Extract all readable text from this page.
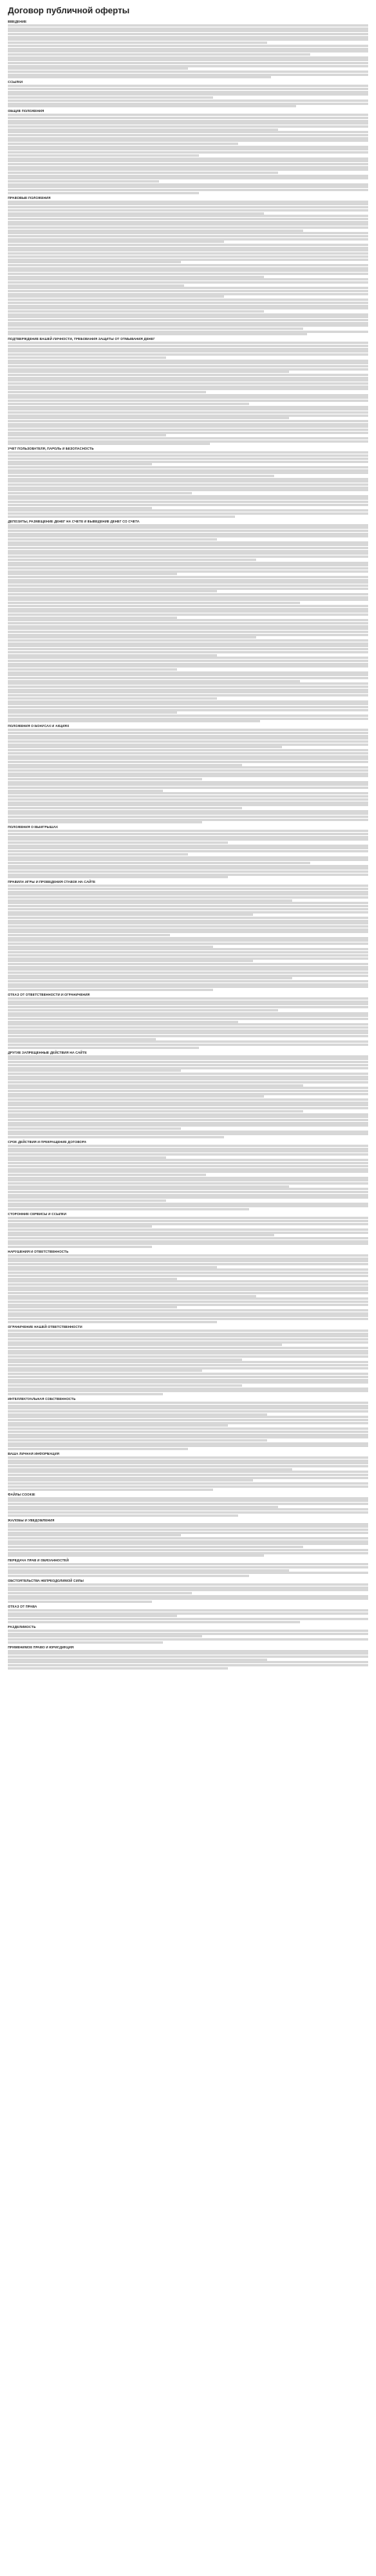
Договор публичной оферты
ВВЕДЕНИЕ

ССЫЛКИ

ОБЩИЕ ПОЛОЖЕНИЯ

ПРАВОВЫЕ ПОЛОЖЕНИЯ

ПОДТВЕРЖДЕНИЕ ВАШЕЙ ЛИЧНОСТИ, ТРЕБОВАНИЯ ЗАЩИТЫ ОТ ОТМЫВАНИЯ ДЕНЕГ

УЧЕТ ПОЛЬЗОВАТЕЛЯ, ПАРОЛЬ И БЕЗОПАСНОСТЬ

ДЕПОЗИТЫ, РАЗМЕЩЕНИЕ ДЕНЕГ НА СЧЕТЕ И ВЫВЕДЕНИЕ ДЕНЕГ СО СЧЕТА

ПОЛОЖЕНИЯ О БОНУСАХ И АКЦИЯХ

ПОЛОЖЕНИЯ О ВЫИГРЫШАХ

ПРАВИЛА ИГРЫ И ПРОВЕДЕНИЯ СТАВОК НА САЙТЕ

ОТКАЗ ОТ ОТВЕТСТВЕННОСТИ И ОГРАНИЧЕНИЯ

ДРУГИЕ ЗАПРЕЩЕННЫЕ ДЕЙСТВИЯ НА САЙТЕ

СРОК ДЕЙСТВИЯ И ПРЕКРАЩЕНИЕ ДОГОВОРА

СТОРОННИЕ СЕРВИСЫ И ССЫЛКИ

НАРУШЕНИЯ И ОТВЕТСТВЕННОСТЬ

ОГРАНИЧЕНИЕ НАШЕЙ ОТВЕТСТВЕННОСТИ

ИНТЕЛЛЕКТУАЛЬНАЯ СОБСТВЕННОСТЬ

ВАША ЛИЧНАЯ ИНФОРМАЦИЯ

ФАЙЛЫ COOKIE

ЖАЛОБЫ И УВЕДОМЛЕНИЯ

ПЕРЕДАЧА ПРАВ И ОБЯЗАННОСТЕЙ

ОБСТОЯТЕЛЬСТВА НЕПРЕОДОЛИМОЙ СИЛЫ

ОТКАЗ ОТ ПРАВА

РАЗДЕЛИМОСТЬ

ПРИМЕНИМОЕ ПРАВО И ЮРИСДИКЦИЯ
